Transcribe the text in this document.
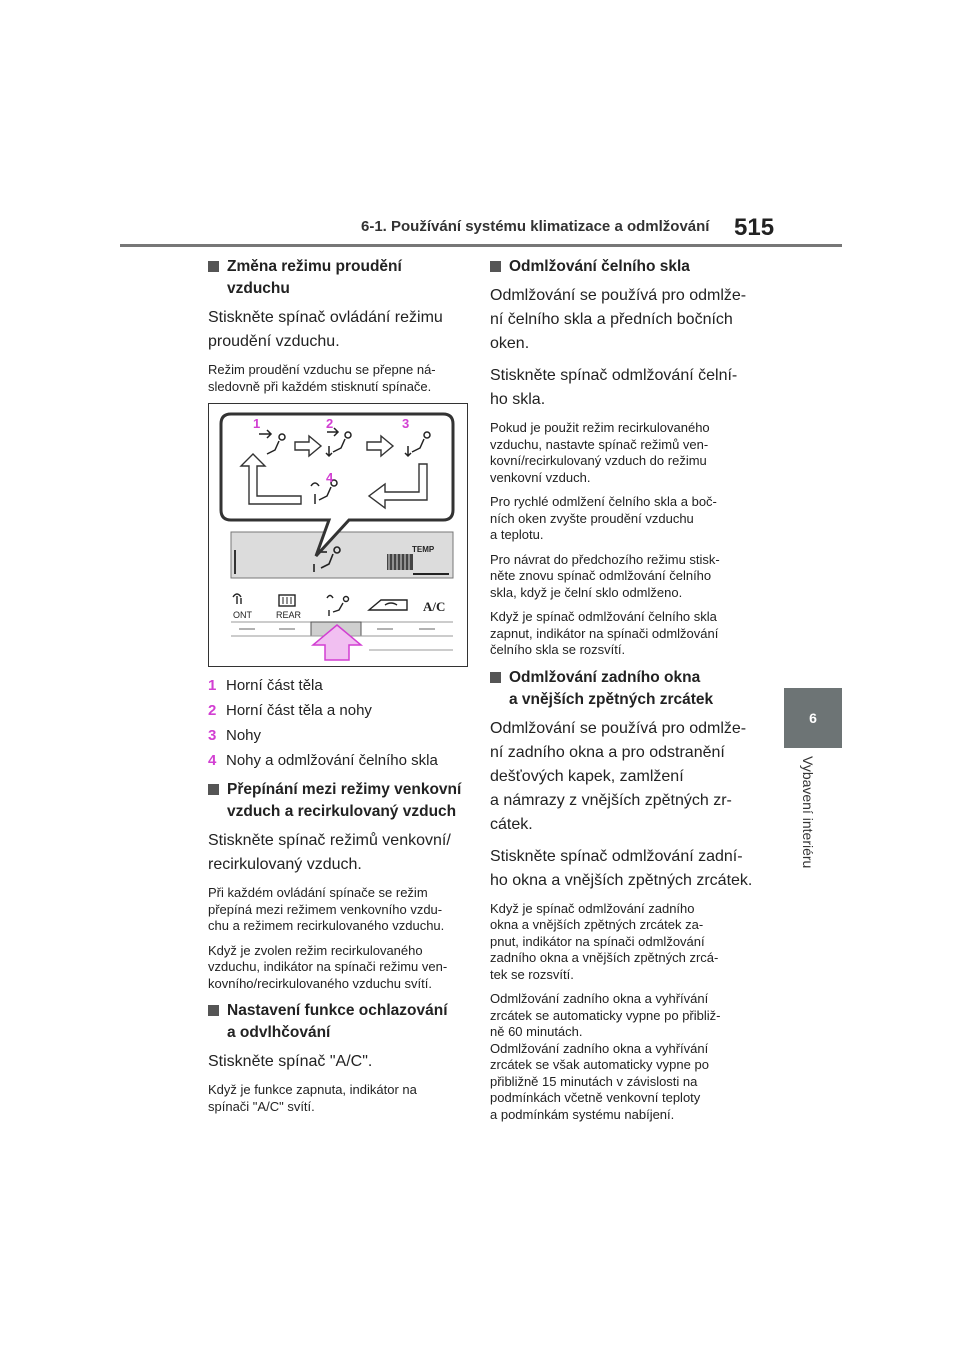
6-1. Používání systému klimatizace a odmlžování 515
6
Vybavení interiéru
Změna režimu proudění
vzduchu
Stiskněte spínač ovládání režimu
proudění vzduchu.
Režim proudění vzduchu se přepne ná-
sledovně při každém stisknutí spínače.
TEMP
ONT	REAR
A/C
1	2	3
4
1 Horní část těla
2 Horní část těla a nohy
3 Nohy
4 Nohy a odmlžování čelního skla
Přepínání mezi režimy venkovní
vzduch a recirkulovaný vzduch
Stiskněte spínač režimů venkovní/
recirkulovaný vzduch.
Při každém ovládání spínače se režim
přepíná mezi režimem venkovního vzdu-
chu a režimem recirkulovaného vzduchu.
Když je zvolen režim recirkulovaného
vzduchu, indikátor na spínači režimu ven-
kovního/recirkulovaného vzduchu svítí.
Nastavení funkce ochlazování
a odvlhčování
Stiskněte spínač "A/C".
Když je funkce zapnuta, indikátor na
spínači "A/C" svítí.
Odmlžování čelního skla
Odmlžování se používá pro odmlže-
ní čelního skla a předních bočních
oken.
Stiskněte spínač odmlžování čelní-
ho skla.
Pokud je použit režim recirkulovaného
vzduchu, nastavte spínač režimů ven-
kovní/recirkulovaný vzduch do režimu
venkovní vzduch.
Pro rychlé odmlžení čelního skla a boč-
ních oken zvyšte proudění vzduchu
a teplotu.
Pro návrat do předchozího režimu stisk-
něte znovu spínač odmlžování čelního
skla, když je čelní sklo odmlženo.
Když je spínač odmlžování čelního skla
zapnut, indikátor na spínači odmlžování
čelního skla se rozsvítí.
Odmlžování zadního okna
a vnějších zpětných zrcátek
Odmlžování se používá pro odmlže-
ní zadního okna a pro odstranění
dešťových kapek, zamlžení
a námrazy z vnějších zpětných zr-
cátek.
Stiskněte spínač odmlžování zadní-
ho okna a vnějších zpětných zrcátek.
Když je spínač odmlžování zadního
okna a vnějších zpětných zrcátek za-
pnut, indikátor na spínači odmlžování
zadního okna a vnějších zpětných zrcá-
tek se rozsvítí.
Odmlžování zadního okna a vyhřívání
zrcátek se automaticky vypne po přibliž-
ně 60 minutách.
Odmlžování zadního okna a vyhřívání
zrcátek se však automaticky vypne po
přibližně 15 minutách v závislosti na
podmínkách včetně venkovní teploty
a podmínkám systému nabíjení.
